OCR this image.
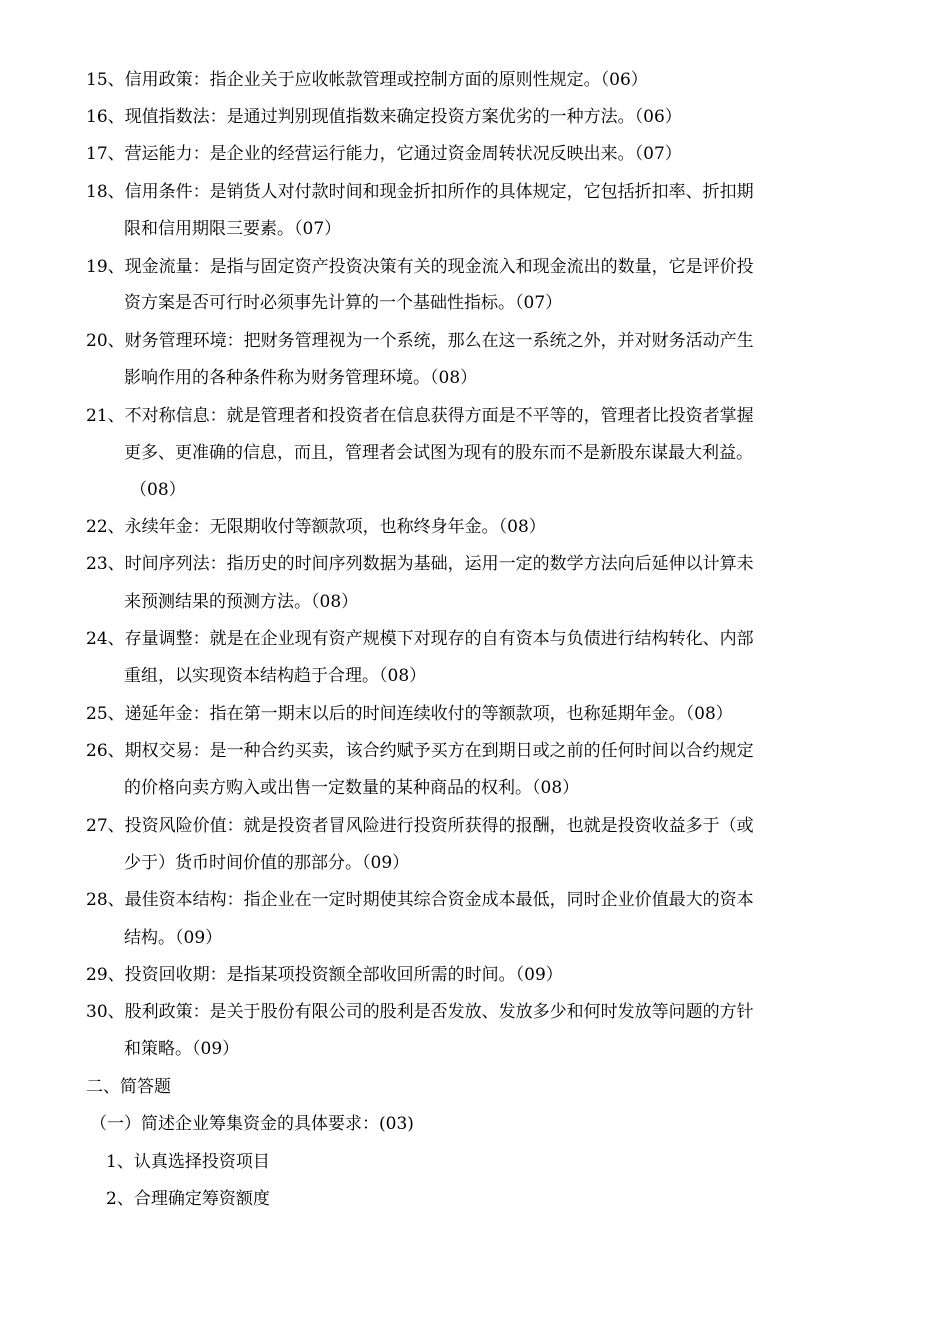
15、信用政策：指企业关于应收帐款管理或控制方面的原则性规定。（06）
16、现值指数法：是通过判别现值指数来确定投资方案优劣的一种方法。（06）
17、营运能力：是企业的经营运行能力，它通过资金周转状况反映出来。（07）
18、信用条件：是销货人对付款时间和现金折扣所作的具体规定，它包括折扣率、折扣期
限和信用期限三要素。（07）
19、现金流量：是指与固定资产投资决策有关的现金流入和现金流出的数量，它是评价投
资方案是否可行时必须事先计算的一个基础性指标。（07）
20、财务管理环境：把财务管理视为一个系统，那么在这一系统之外，并对财务活动产生
影响作用的各种条件称为财务管理环境。（08）
21、不对称信息：就是管理者和投资者在信息获得方面是不平等的，管理者比投资者掌握
更多、更准确的信息，而且，管理者会试图为现有的股东而不是新股东谋最大利益。
（08）
22、永续年金：无限期收付等额款项，也称终身年金。（08）
23、时间序列法：指历史的时间序列数据为基础，运用一定的数学方法向后延伸以计算未
来预测结果的预测方法。（08）
24、存量调整：就是在企业现有资产规模下对现存的自有资本与负债进行结构转化、内部
重组，以实现资本结构趋于合理。（08）
25、递延年金：指在第一期末以后的时间连续收付的等额款项，也称延期年金。（08）
26、期权交易：是一种合约买卖，该合约赋予买方在到期日或之前的任何时间以合约规定
的价格向卖方购入或出售一定数量的某种商品的权利。（08）
27、投资风险价值：就是投资者冒风险进行投资所获得的报酬，也就是投资收益多于（或
少于）货币时间价值的那部分。（09）
28、最佳资本结构：指企业在一定时期使其综合资金成本最低，同时企业价值最大的资本
结构。（09）
29、投资回收期：是指某项投资额全部收回所需的时间。（09）
30、股利政策：是关于股份有限公司的股利是否发放、发放多少和何时发放等问题的方针
和策略。（09）
二、简答题
（一）简述企业筹集资金的具体要求：(03)
1、认真选择投资项目
2、合理确定筹资额度
